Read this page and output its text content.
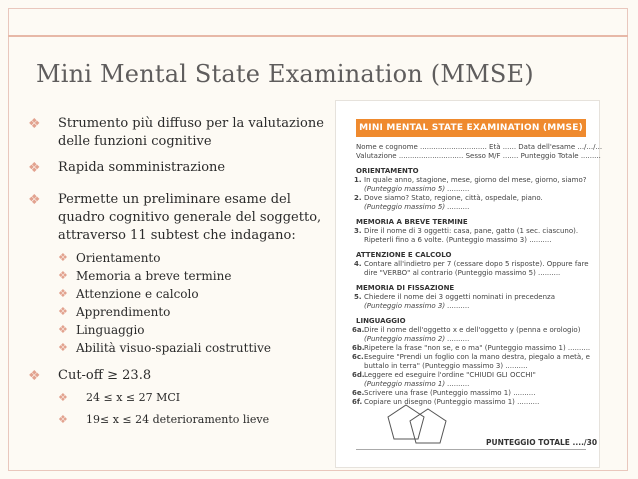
Mini Mental State Examination (MMSE)
❖	Strumento più diffuso per la valutazione delle funzioni cognitive
❖	Rapida somministrazione
❖	Permette un preliminare esame del quadro cognitivo generale del soggetto, attraverso 11 subtest che indagano:
❖ Orientamento
❖ Memoria a breve termine
❖ Attenzione e calcolo
❖ Apprendimento
❖ Linguaggio
❖ Abilità visuo-spaziali costruttive
❖	Cut-off ≥ 23.8
❖	24 ≤ x ≤ 27 MCI
❖	19≤ x ≤ 24 deterioramento lieve
MINI MENTAL STATE EXAMINATION (MMSE)
Nome e cognome .............................. Età ...... Data dell'esame .../.../...
Valutazione ............................. Sesso M/F ....... Punteggio Totale .........
ORIENTAMENTO
1. In quale anno, stagione, mese, giorno del mese, giorno, siamo?
(Punteggio massimo 5) ..........
2. Dove siamo? Stato, regione, città, ospedale, piano.
(Punteggio massimo 5) ..........
MEMORIA A BREVE TERMINE
3. Dire il nome di 3 oggetti: casa, pane, gatto (1 sec. ciascuno). Ripeterli fino a 6 volte. (Punteggio massimo 3) ..........
ATTENZIONE E CALCOLO
4. Contare all'indietro per 7 (cessare dopo 5 risposte). Oppure fare dire "VERBO" al contrario (Punteggio massimo 5) ..........
MEMORIA DI FISSAZIONE
5. Chiedere il nome dei 3 oggetti nominati in precedenza
(Punteggio massimo 3) ..........
LINGUAGGIO
6a.Dire il nome dell'oggetto x e dell'oggetto y (penna e orologio)
(Punteggio massimo 2) ..........
6b.Ripetere la frase "non se, e o ma" (Punteggio massimo 1) ..........
6c.Eseguire "Prendi un foglio con la mano destra, piegalo a metà, e buttalo in terra" (Punteggio massimo 3) ..........
6d.Leggere ed eseguire l'ordine "CHIUDI GLI OCCHI"
(Punteggio massimo 1) ..........
6e.Scrivere una frase (Punteggio massimo 1) ..........
6f. Copiare un disegno (Punteggio massimo 1) ..........
PUNTEGGIO TOTALE ..../30
